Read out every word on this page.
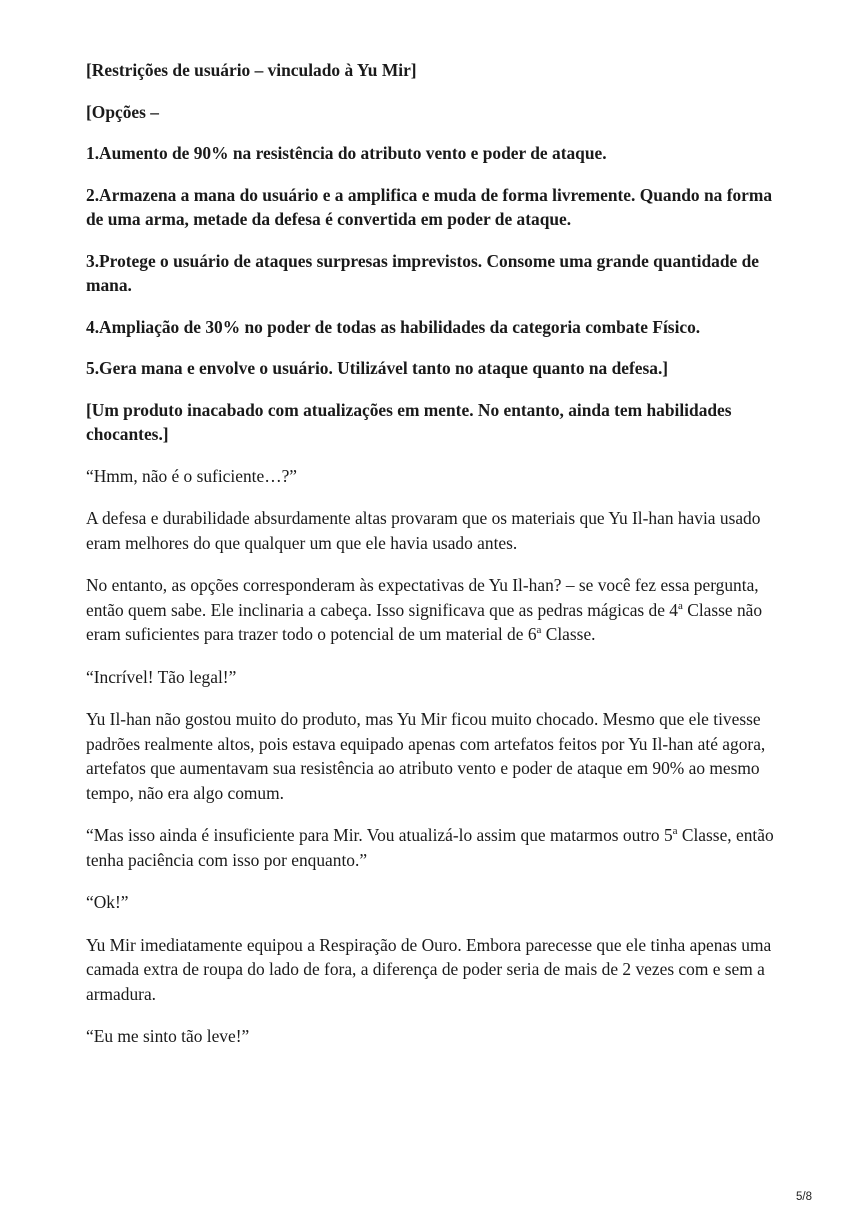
[Restrições de usuário – vinculado à Yu Mir]

[Opções –

1.Aumento de 90% na resistência do atributo vento e poder de ataque.

2.Armazena a mana do usuário e a amplifica e muda de forma livremente. Quando na forma de uma arma, metade da defesa é convertida em poder de ataque.

3.Protege o usuário de ataques surpresas imprevistos. Consome uma grande quantidade de mana.

4.Ampliação de 30% no poder de todas as habilidades da categoria combate Físico.

5.Gera mana e envolve o usuário. Utilizável tanto no ataque quanto na defesa.]

[Um produto inacabado com atualizações em mente. No entanto, ainda tem habilidades chocantes.]

“Hmm, não é o suficiente…?”

A defesa e durabilidade absurdamente altas provaram que os materiais que Yu Il-han havia usado eram melhores do que qualquer um que ele havia usado antes.

No entanto, as opções corresponderam às expectativas de Yu Il-han? – se você fez essa pergunta, então quem sabe. Ele inclinaria a cabeça. Isso significava que as pedras mágicas de 4$^a$ Classe não eram suficientes para trazer todo o potencial de um material de 6$^a$ Classe.

“Incrível! Tão legal!”

Yu Il-han não gostou muito do produto, mas Yu Mir ficou muito chocado. Mesmo que ele tivesse padrões realmente altos, pois estava equipado apenas com artefatos feitos por Yu Il-han até agora, artefatos que aumentavam sua resistência ao atributo vento e poder de ataque em 90% ao mesmo tempo, não era algo comum.

“Mas isso ainda é insuficiente para Mir. Vou atualizá-lo assim que matarmos outro 5$^a$ Classe, então tenha paciência com isso por enquanto.”

“Ok!”

Yu Mir imediatamente equipou a Respiração de Ouro. Embora parecesse que ele tinha apenas uma camada extra de roupa do lado de fora, a diferença de poder seria de mais de 2 vezes com e sem a armadura.

“Eu me sinto tão leve!”

5/8
